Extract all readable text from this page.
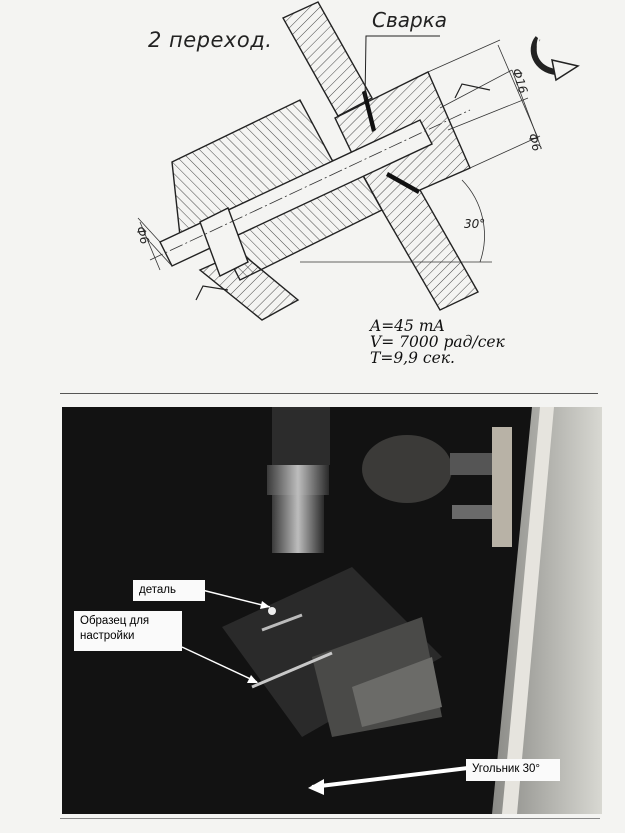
Ф16
Ф6
Ф6
30°
2 переход.
Сварка
A=45 mA
V= 7000 рад/сек
T=9,9 сек.
деталь
Образец для
настройки
Угольник 30°
